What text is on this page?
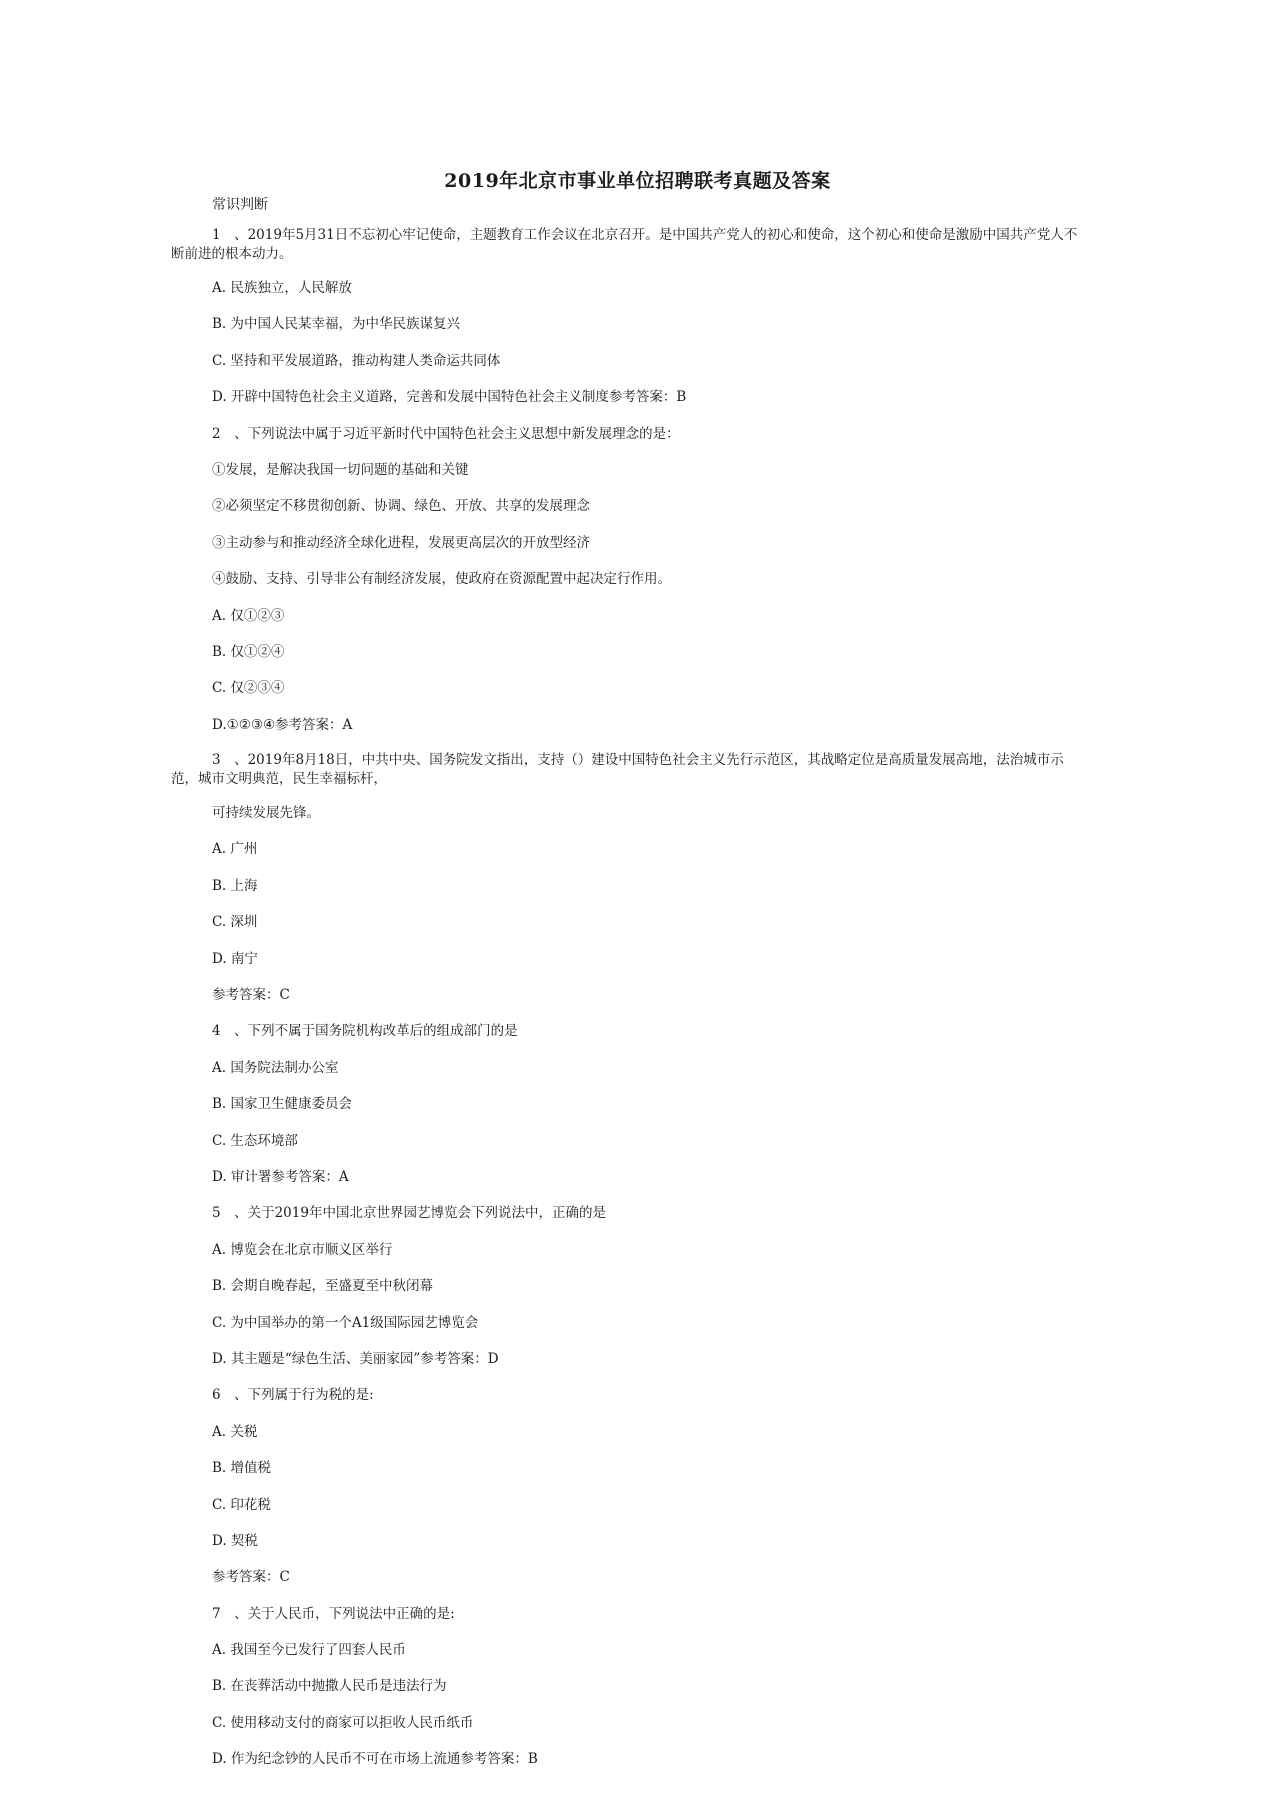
2019年北京市事业单位招聘联考真题及答案
常识判断
1　、2019年5月31日不忘初心牢记使命，主题教育工作会议在北京召开。是中国共产党人的初心和使命，这个初心和使命是激励中国共产党人不断前进的根本动力。
A. 民族独立，人民解放
B. 为中国人民某幸福，为中华民族谋复兴
C. 坚持和平发展道路，推动构建人类命运共同体
D. 开辟中国特色社会主义道路，完善和发展中国特色社会主义制度参考答案：B
2　、下列说法中属于习近平新时代中国特色社会主义思想中新发展理念的是：
①发展，是解决我国一切问题的基础和关键
②必须坚定不移贯彻创新、协调、绿色、开放、共享的发展理念
③主动参与和推动经济全球化进程，发展更高层次的开放型经济
④鼓励、支持、引导非公有制经济发展，使政府在资源配置中起决定行作用。
A. 仅①②③
B. 仅①②④
C. 仅②③④
D.①②③④参考答案：A
3　、2019年8月18日，中共中央、国务院发文指出，支持（）建设中国特色社会主义先行示范区，其战略定位是高质量发展高地，法治城市示范，城市文明典范，民生幸福标杆，
可持续发展先锋。
A. 广州
B. 上海
C. 深圳
D. 南宁
参考答案：C
4　、下列不属于国务院机构改革后的组成部门的是
A. 国务院法制办公室
B. 国家卫生健康委员会
C. 生态环境部
D. 审计署参考答案：A
5　、关于2019年中国北京世界园艺博览会下列说法中，正确的是
A. 博览会在北京市顺义区举行
B. 会期自晚春起，至盛夏至中秋闭幕
C. 为中国举办的第一个A1级国际园艺博览会
D. 其主题是“绿色生活、美丽家园”参考答案：D
6　、下列属于行为税的是:
A. 关税
B. 增值税
C. 印花税
D. 契税
参考答案：C
7　、关于人民币，下列说法中正确的是:
A. 我国至今已发行了四套人民币
B. 在丧葬活动中抛撒人民币是违法行为
C. 使用移动支付的商家可以拒收人民币纸币
D. 作为纪念钞的人民币不可在市场上流通参考答案：B
